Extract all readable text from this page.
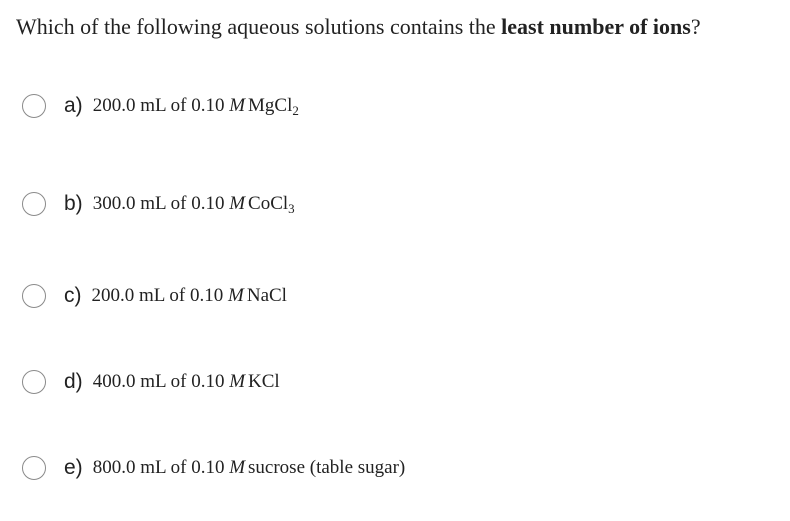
Which of the following aqueous solutions contains the least number of ions?
a) 200.0 mL of 0.10 M MgCl$_2$
b) 300.0 mL of 0.10 M CoCl$_3$
c) 200.0 mL of 0.10 M NaCl
d) 400.0 mL of 0.10 M KCl
e) 800.0 mL of 0.10 M sucrose (table sugar)
